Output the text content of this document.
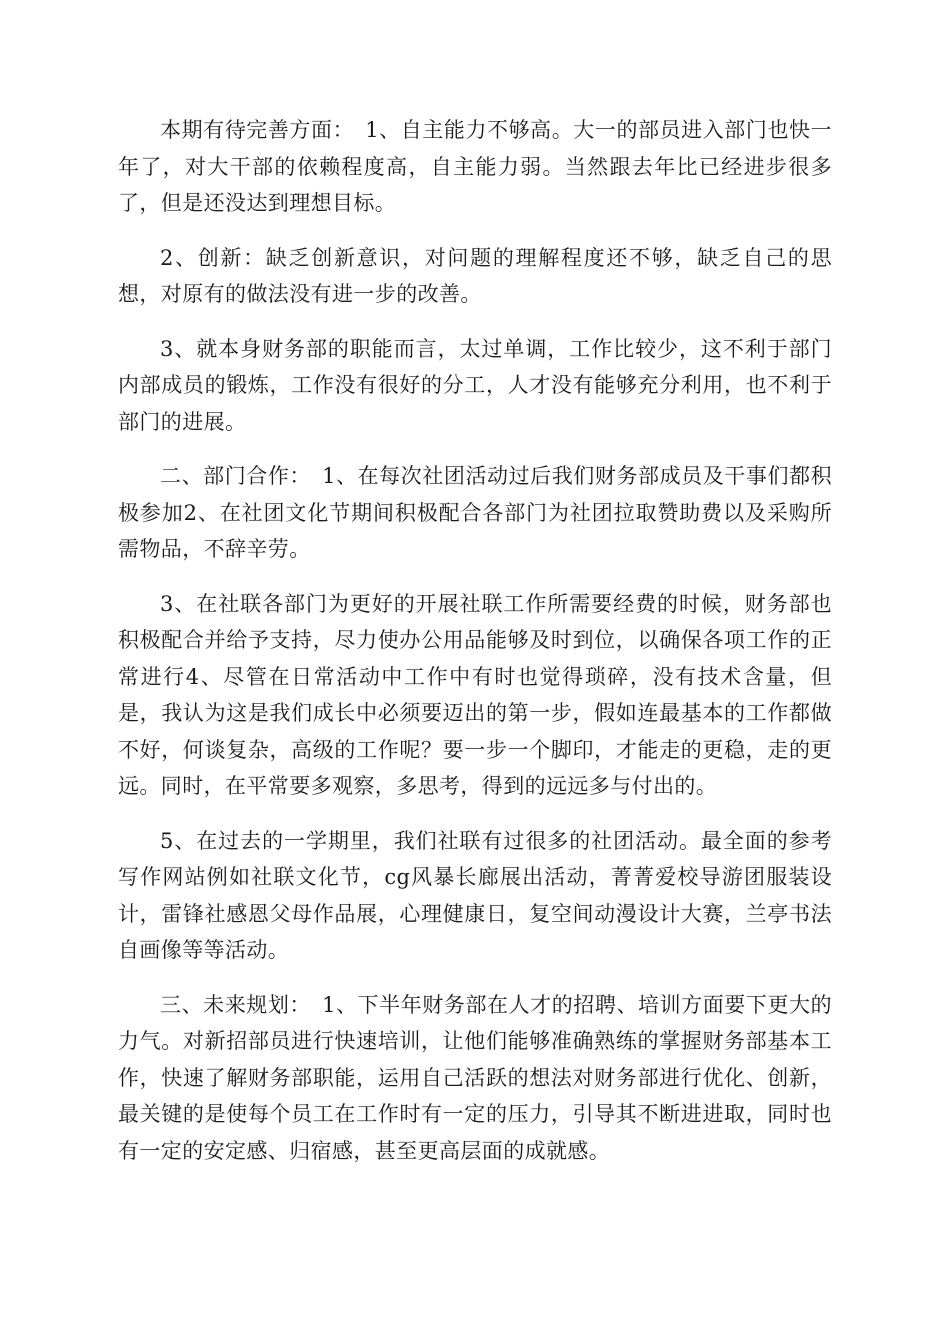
本期有待完善方面：　1、自主能力不够高。大一的部员进入部门也快一年了，对大干部的依赖程度高，自主能力弱。当然跟去年比已经进步很多了，但是还没达到理想目标。

2、创新：缺乏创新意识，对问题的理解程度还不够，缺乏自己的思想，对原有的做法没有进一步的改善。

3、就本身财务部的职能而言，太过单调，工作比较少，这不利于部门内部成员的锻炼，工作没有很好的分工，人才没有能够充分利用，也不利于部门的进展。

二、部门合作：　1、在每次社团活动过后我们财务部成员及干事们都积极参加2、在社团文化节期间积极配合各部门为社团拉取赞助费以及采购所需物品，不辞辛劳。

3、在社联各部门为更好的开展社联工作所需要经费的时候，财务部也积极配合并给予支持，尽力使办公用品能够及时到位，以确保各项工作的正常进行4、尽管在日常活动中工作中有时也觉得琐碎，没有技术含量，但是，我认为这是我们成长中必须要迈出的第一步，假如连最基本的工作都做不好，何谈复杂，高级的工作呢？要一步一个脚印，才能走的更稳，走的更远。同时，在平常要多观察，多思考，得到的远远多与付出的。

5、在过去的一学期里，我们社联有过很多的社团活动。最全面的参考写作网站例如社联文化节，cg风暴长廊展出活动，菁菁爱校导游团服装设计，雷锋社感恩父母作品展，心理健康日，复空间动漫设计大赛，兰亭书法自画像等等活动。

三、未来规划：　1、下半年财务部在人才的招聘、培训方面要下更大的力气。对新招部员进行快速培训，让他们能够准确熟练的掌握财务部基本工作，快速了解财务部职能，运用自己活跃的想法对财务部进行优化、创新，最关键的是使每个员工在工作时有一定的压力，引导其不断进进取，同时也有一定的安定感、归宿感，甚至更高层面的成就感。
